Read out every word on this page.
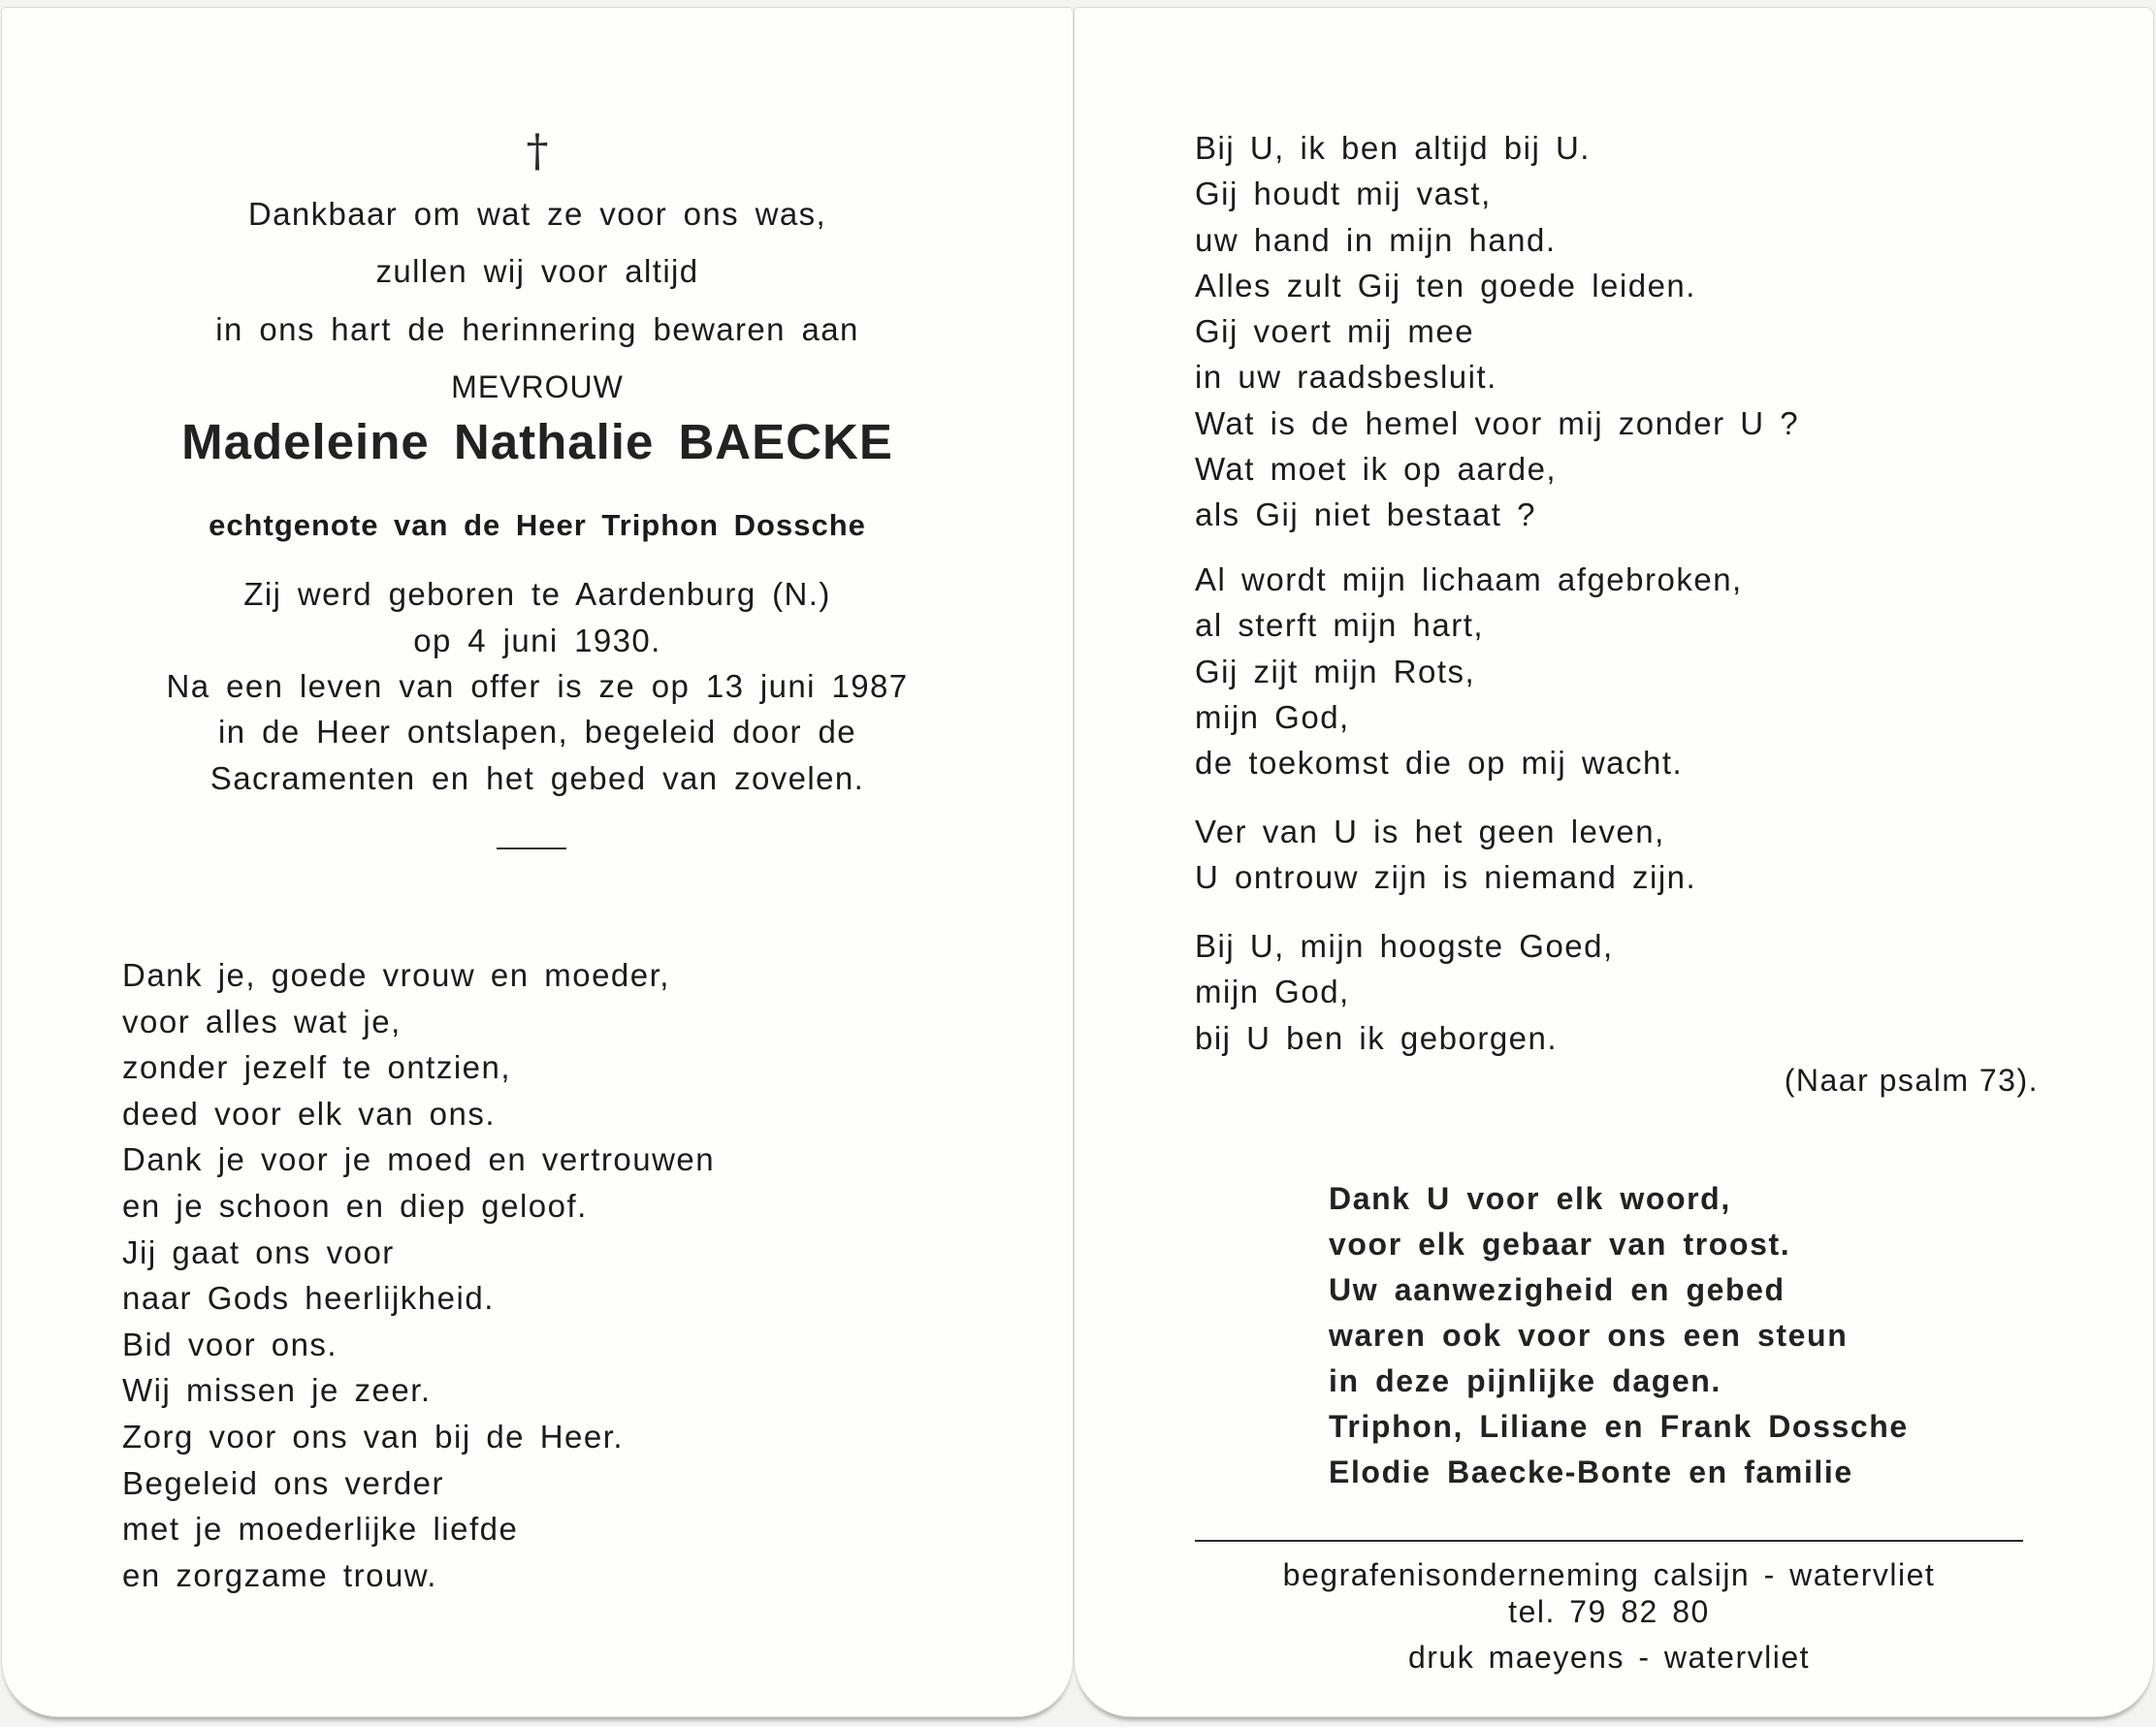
†
Dankbaar om wat ze voor ons was,
zullen wij voor altijd
in ons hart de herinnering bewaren aan
MEVROUW
Madeleine Nathalie BAECKE
echtgenote van de Heer Triphon Dossche
Zij werd geboren te Aardenburg (N.)
op 4 juni 1930.
Na een leven van offer is ze op 13 juni 1987
in de Heer ontslapen, begeleid door de
Sacramenten en het gebed van zovelen.
Dank je, goede vrouw en moeder,
voor alles wat je,
zonder jezelf te ontzien,
deed voor elk van ons.
Dank je voor je moed en vertrouwen
en je schoon en diep geloof.
Jij gaat ons voor
naar Gods heerlijkheid.
Bid voor ons.
Wij missen je zeer.
Zorg voor ons van bij de Heer.
Begeleid ons verder
met je moederlijke liefde
en zorgzame trouw.
Bij U, ik ben altijd bij U.
Gij houdt mij vast,
uw hand in mijn hand.
Alles zult Gij ten goede leiden.
Gij voert mij mee
in uw raadsbesluit.
Wat is de hemel voor mij zonder U ?
Wat moet ik op aarde,
als Gij niet bestaat ?
Al wordt mijn lichaam afgebroken,
al sterft mijn hart,
Gij zijt mijn Rots,
mijn God,
de toekomst die op mij wacht.
Ver van U is het geen leven,
U ontrouw zijn is niemand zijn.
Bij U, mijn hoogste Goed,
mijn God,
bij U ben ik geborgen.
(Naar psalm 73).
Dank U voor elk woord,
voor elk gebaar van troost.
Uw aanwezigheid en gebed
waren ook voor ons een steun
in deze pijnlijke dagen.
Triphon, Liliane en Frank Dossche
Elodie Baecke-Bonte en familie
begrafenisonderneming calsijn - watervliet
tel. 79 82 80
druk maeyens - watervliet
